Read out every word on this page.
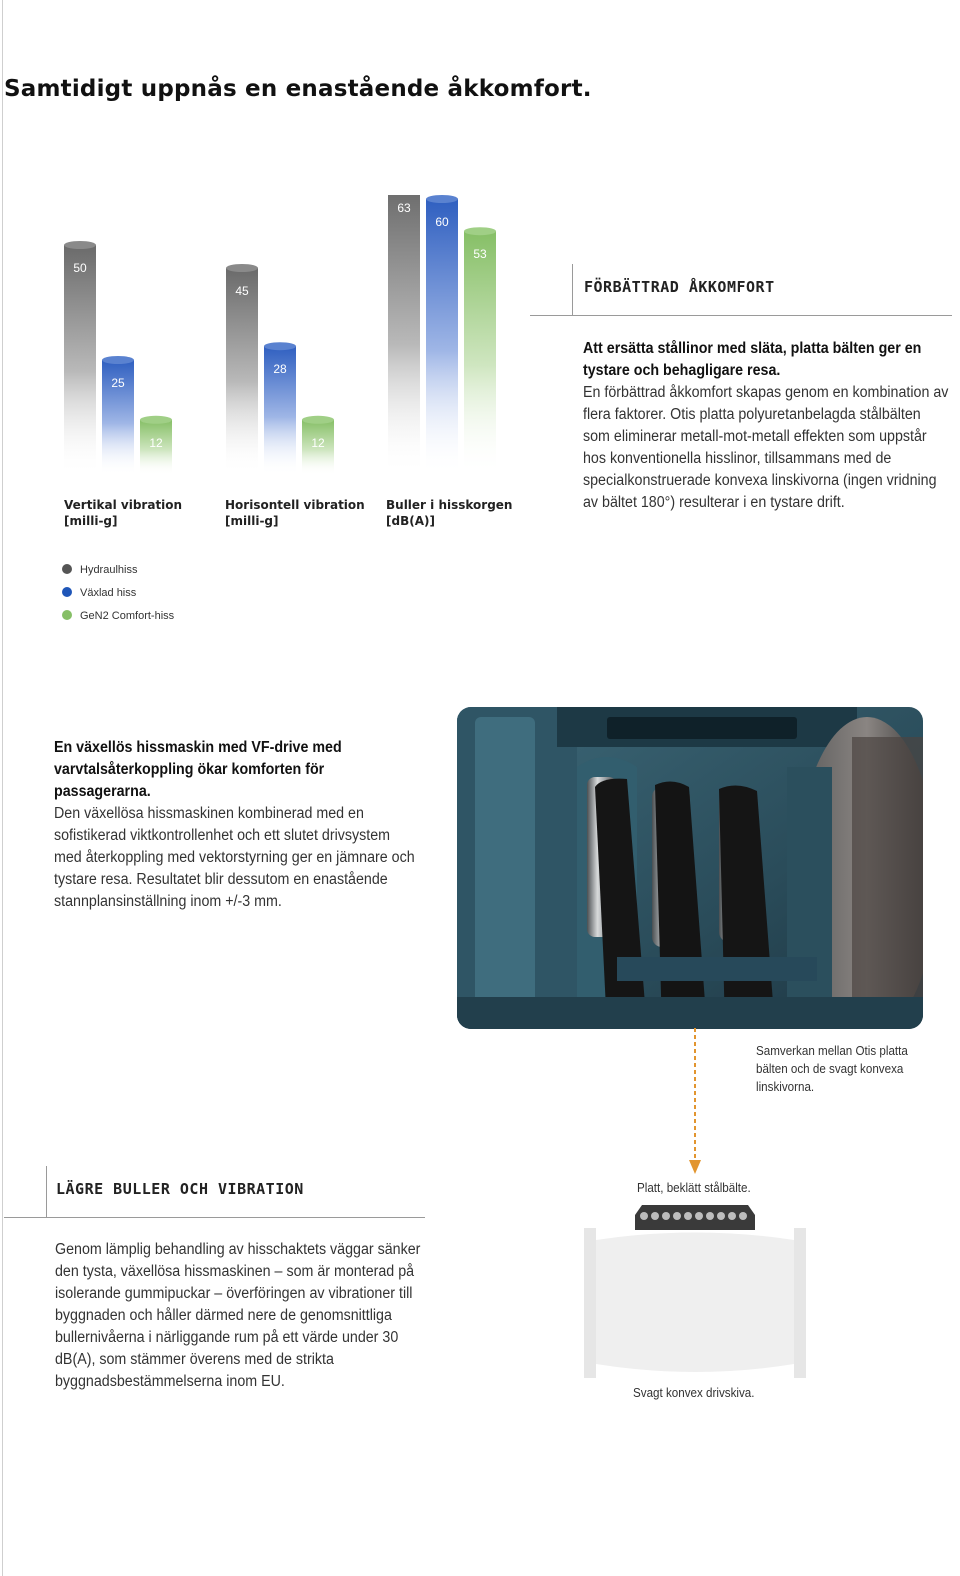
Samtidigt uppnås en enastående åkkomfort.
50
45
63
25
28
60
12	12
53
Vertikal vibration
[milli-g]
Horisontell vibration
[milli-g]
Buller i hisskorgen
[dB(A)]
Hydraulhiss
Växlad hiss
GeN2 Comfort-hiss
FÖRBÄTTRAD ÅKKOMFORT
Att ersätta stållinor med släta, platta bälten ger en tystare och behagligare resa.
En förbättrad åkkomfort skapas genom en kombination av flera faktorer. Otis platta polyuretanbelagda stålbälten som eliminerar metall-mot-metall effekten som uppstår hos konventionella hisslinor, tillsammans med de specialkonstruerade konvexa linskivorna (ingen vridning av bältet 180°) resulterar i en tystare drift.
En växellös hissmaskin med VF-drive med varvtalsåterkoppling ökar komforten för passagerarna.
Den växellösa hissmaskinen kombinerad med en sofistikerad viktkontrollenhet och ett slutet drivsystem med återkoppling med vektorstyrning ger en jämnare och tystare resa. Resultatet blir dessutom en enastående stannplansinställning inom +/-3 mm.
Samverkan mellan Otis platta bälten och de svagt konvexa linskivorna.
LÄGRE BULLER OCH VIBRATION
Genom lämplig behandling av hisschaktets väggar sänker den tysta, växellösa hissmaskinen – som är monterad på isolerande gummipuckar – överföringen av vibrationer till byggnaden och håller därmed nere de genomsnittliga bullernivåerna i närliggande rum på ett värde under 30 dB(A), som stämmer överens med de strikta byggnadsbestämmelserna inom EU.
Platt, beklätt stålbälte.
Svagt konvex drivskiva.
